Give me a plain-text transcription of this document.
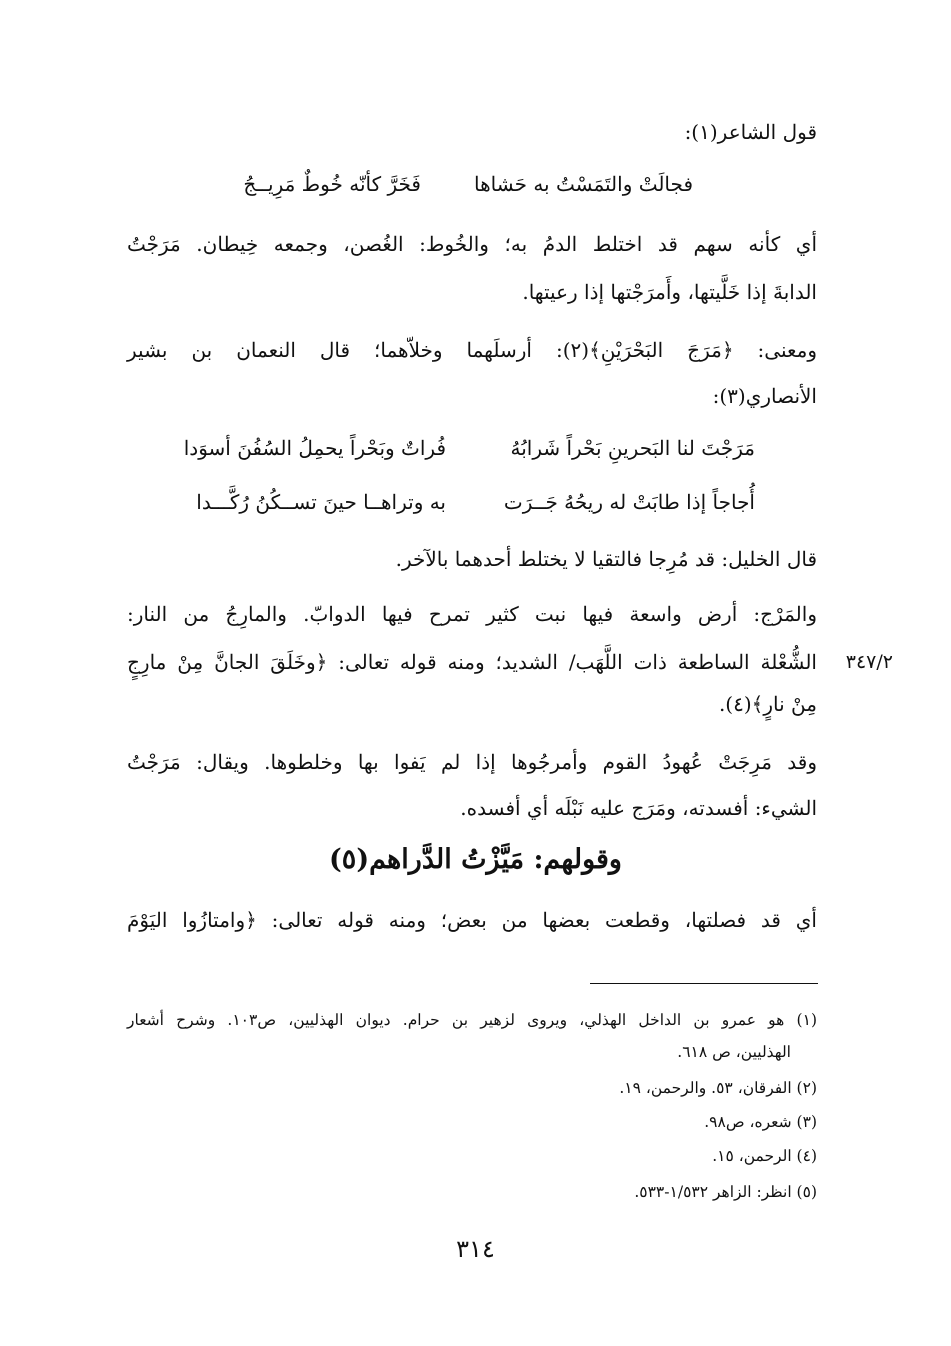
قول الشاعر(١):
فجالَتْ والتَمَسْتُ به حَشاها
فَخَرَّ كأنّه خُوطٌ مَرِيــجُ
أي كأنه سهم قد اختلط الدمُ به؛ والخُوط: الغُصن، وجمعه خِيطان. مَرَجْتُ
الدابةَ إذا خَلَّيتها، وأَمرَجْتها إذا رعيتها.
ومعنى: ﴿مَرَجَ البَحْرَيْنِ﴾(٢): أرسلَهما وخلاّهما؛ قال النعمان بن بشير
الأنصاري(٣):
مَرَجْتَ لنا البَحرينِ بَحْراً شَرابُهُ
فُراتٌ وبَحْراً يحمِلُ السُفُنَ أسوَدا
أُجاجاً إذا طابَتْ له ريحُهُ جَــرَت
به وتراهــا حينَ تســكُنُ رُكَّـــدا
قال الخليل: قد مُرِجا فالتقيا لا يختلط أحدهما بالآخر.
والمَرْج: أرض واسعة فيها نبت كثير تمرح فيها الدوابّ. والمارِجُ من النار:
الشُّعْلة الساطعة ذات اللَّهَب/ الشديد؛ ومنه قوله تعالى: ﴿وخَلَقَ الجانَّ مِنْ مارِجٍ
مِنْ نارٍ﴾(٤).
٣٤٧/٢
وقد مَرِجَتْ عُهودُ القوم وأمرجُوها إذا لم يَفوا بها وخلطوها. ويقال: مَرَجْتُ
الشيء: أفسدته، ومَرَج عليه نَبْلَه أي أفسده.
وقولهم: مَيَّزْتُ الدَّراهم(٥)
أي قد فصلتها، وقطعت بعضها من بعض؛ ومنه قوله تعالى: ﴿وامتازُوا اليَوْمَ
(١) هو عمرو بن الداخل الهذلي، ويروى لزهير بن حرام. ديوان الهذليين، ص١٠٣. وشرح أشعار
الهذليين، ص ٦١٨.
(٢) الفرقان، ٥٣. والرحمن، ١٩.
(٣) شعره، ص٩٨.
(٤) الرحمن، ١٥.
(٥) انظر: الزاهر ١/٥٣٢-٥٣٣.
٣١٤
